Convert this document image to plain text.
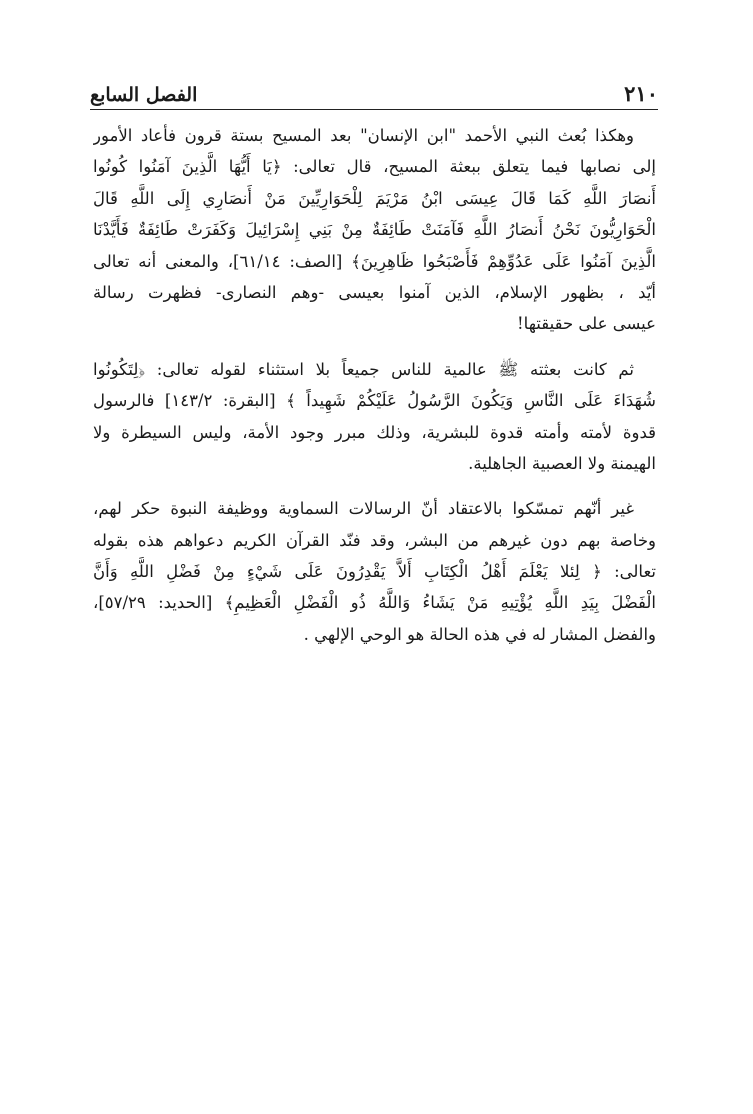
٢١٠
الفصل السابع
وهكذا بُعث النبي الأحمد "ابن الإنسان" بعد المسيح بستة قرون فأعاد الأمور
إلى نصابها فيما يتعلق ببعثة المسيح، قال تعالى: ﴿يَا أَيُّهَا الَّذِينَ آمَنُوا كُونُوا
أَنصَارَ اللَّهِ كَمَا قَالَ عِيسَى ابْنُ مَرْيَمَ لِلْحَوَارِيِّينَ مَنْ أَنصَارِي إِلَى اللَّهِ قَالَ
الْحَوَارِيُّونَ نَحْنُ أَنصَارُ اللَّهِ فَآمَنَتْ طَائِفَةٌ مِنْ بَنِي إِسْرَائِيلَ وَكَفَرَتْ طَائِفَةٌ فَأَيَّدْنَا
الَّذِينَ آمَنُوا عَلَى عَدُوِّهِمْ فَأَصْبَحُوا ظَاهِرِينَ﴾ [الصف: ٦١/١٤]، والمعنى أنه تعالى
أيّد ، بظهور الإسلام، الذين آمنوا بعيسى -وهم النصارى- فظهرت رسالة
عيسى على حقيقتها!
ثم كانت بعثته ﷺ عالمية للناس جميعاً بلا استثناء لقوله تعالى: ﴿لِتَكُونُوا
شُهَدَاءَ عَلَى النَّاسِ وَيَكُونَ الرَّسُولُ عَلَيْكُمْ شَهِيداً ﴾ [البقرة: ١٤٣/٢] فالرسول
قدوة لأمته وأمته قدوة للبشرية، وذلك مبرر وجود الأمة، وليس السيطرة ولا
الهيمنة ولا العصبية الجاهلية.
غير أنّهم تمسّكوا بالاعتقاد أنّ الرسالات السماوية ووظيفة النبوة حكر لهم،
وخاصة بهم دون غيرهم من البشر، وقد فنّد القرآن الكريم دعواهم هذه بقوله
تعالى: ﴿ لِئلا يَعْلَمَ أَهْلُ الْكِتَابِ أَلاَّ يَقْدِرُونَ عَلَى شَيْءٍ مِنْ فَضْلِ اللَّهِ وَأَنَّ
الْفَضْلَ بِيَدِ اللَّهِ يُؤْتِيهِ مَنْ يَشَاءُ وَاللَّهُ ذُو الْفَضْلِ الْعَظِيمِ﴾ [الحديد: ٥٧/٢٩]،
والفضل المشار له في هذه الحالة هو الوحي الإلهي .
